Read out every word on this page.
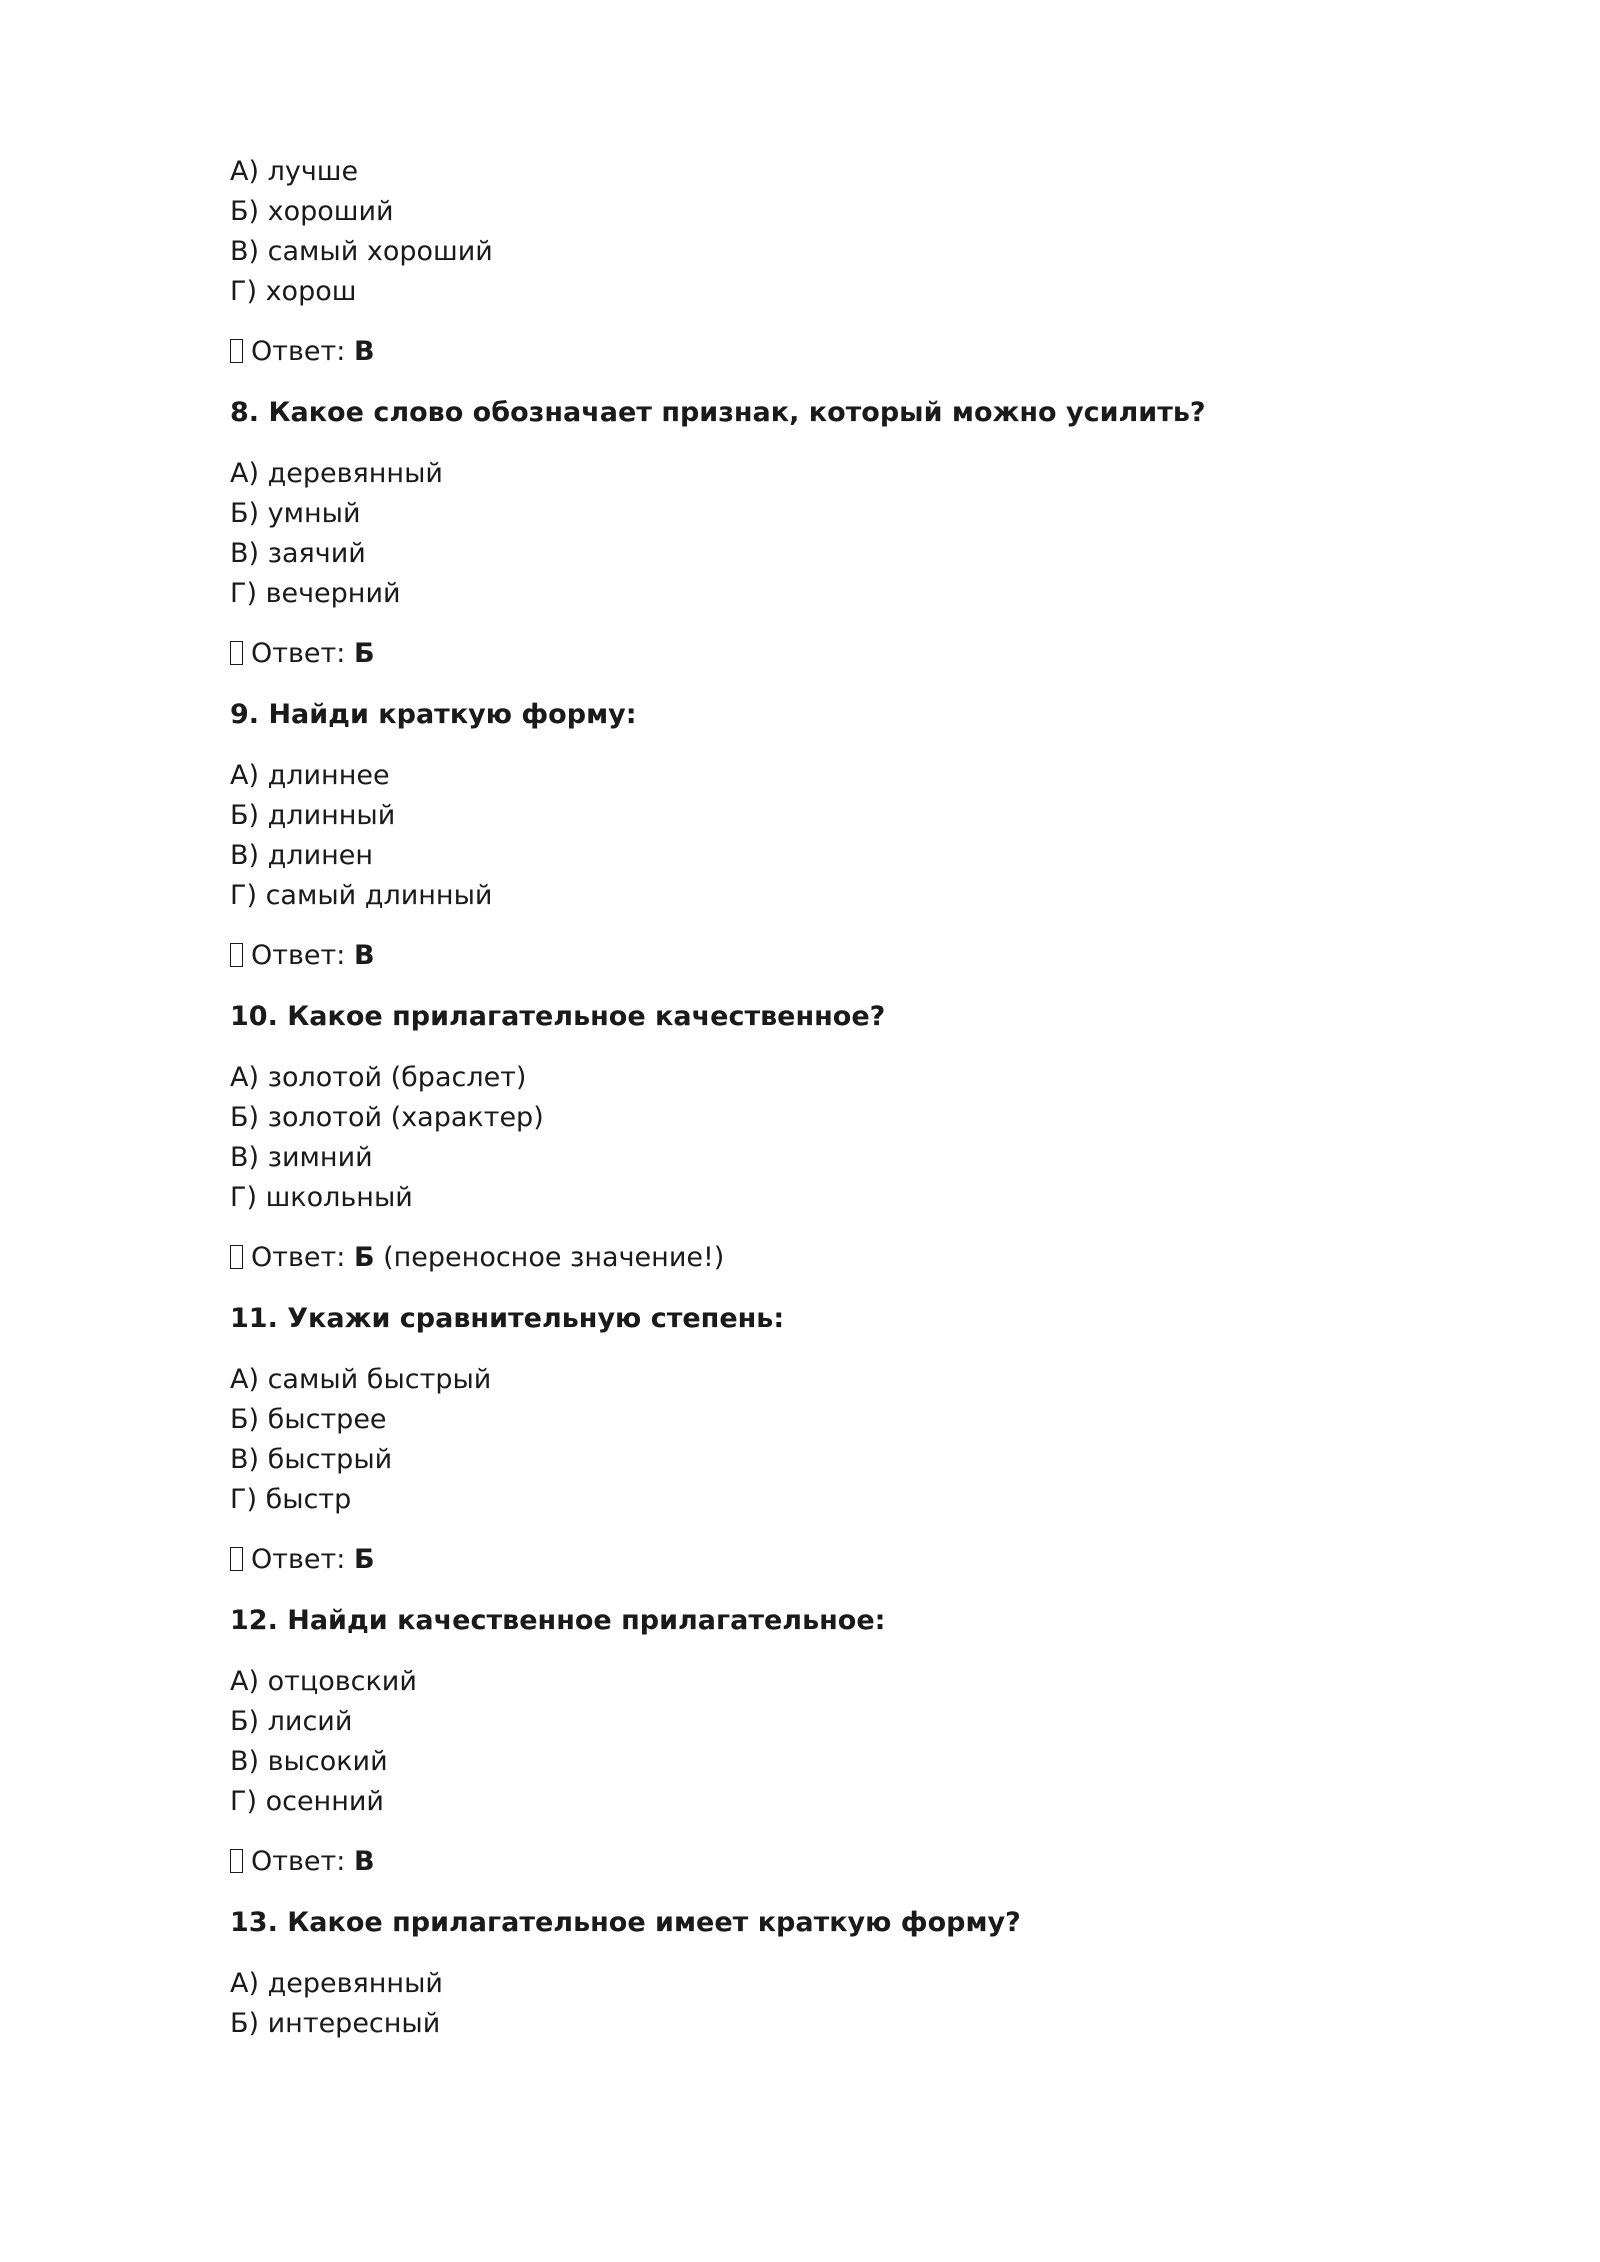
А) лучше
Б) хороший
В) самый хороший
Г) хорош
Ответ: В
8. Какое слово обозначает признак, который можно усилить?
А) деревянный
Б) умный
В) заячий
Г) вечерний
Ответ: Б
9. Найди краткую форму:
А) длиннее
Б) длинный
В) длинен
Г) самый длинный
Ответ: В
10. Какое прилагательное качественное?
А) золотой (браслет)
Б) золотой (характер)
В) зимний
Г) школьный
Ответ: Б (переносное значение!)
11. Укажи сравнительную степень:
А) самый быстрый
Б) быстрее
В) быстрый
Г) быстр
Ответ: Б
12. Найди качественное прилагательное:
А) отцовский
Б) лисий
В) высокий
Г) осенний
Ответ: В
13. Какое прилагательное имеет краткую форму?
А) деревянный
Б) интересный
